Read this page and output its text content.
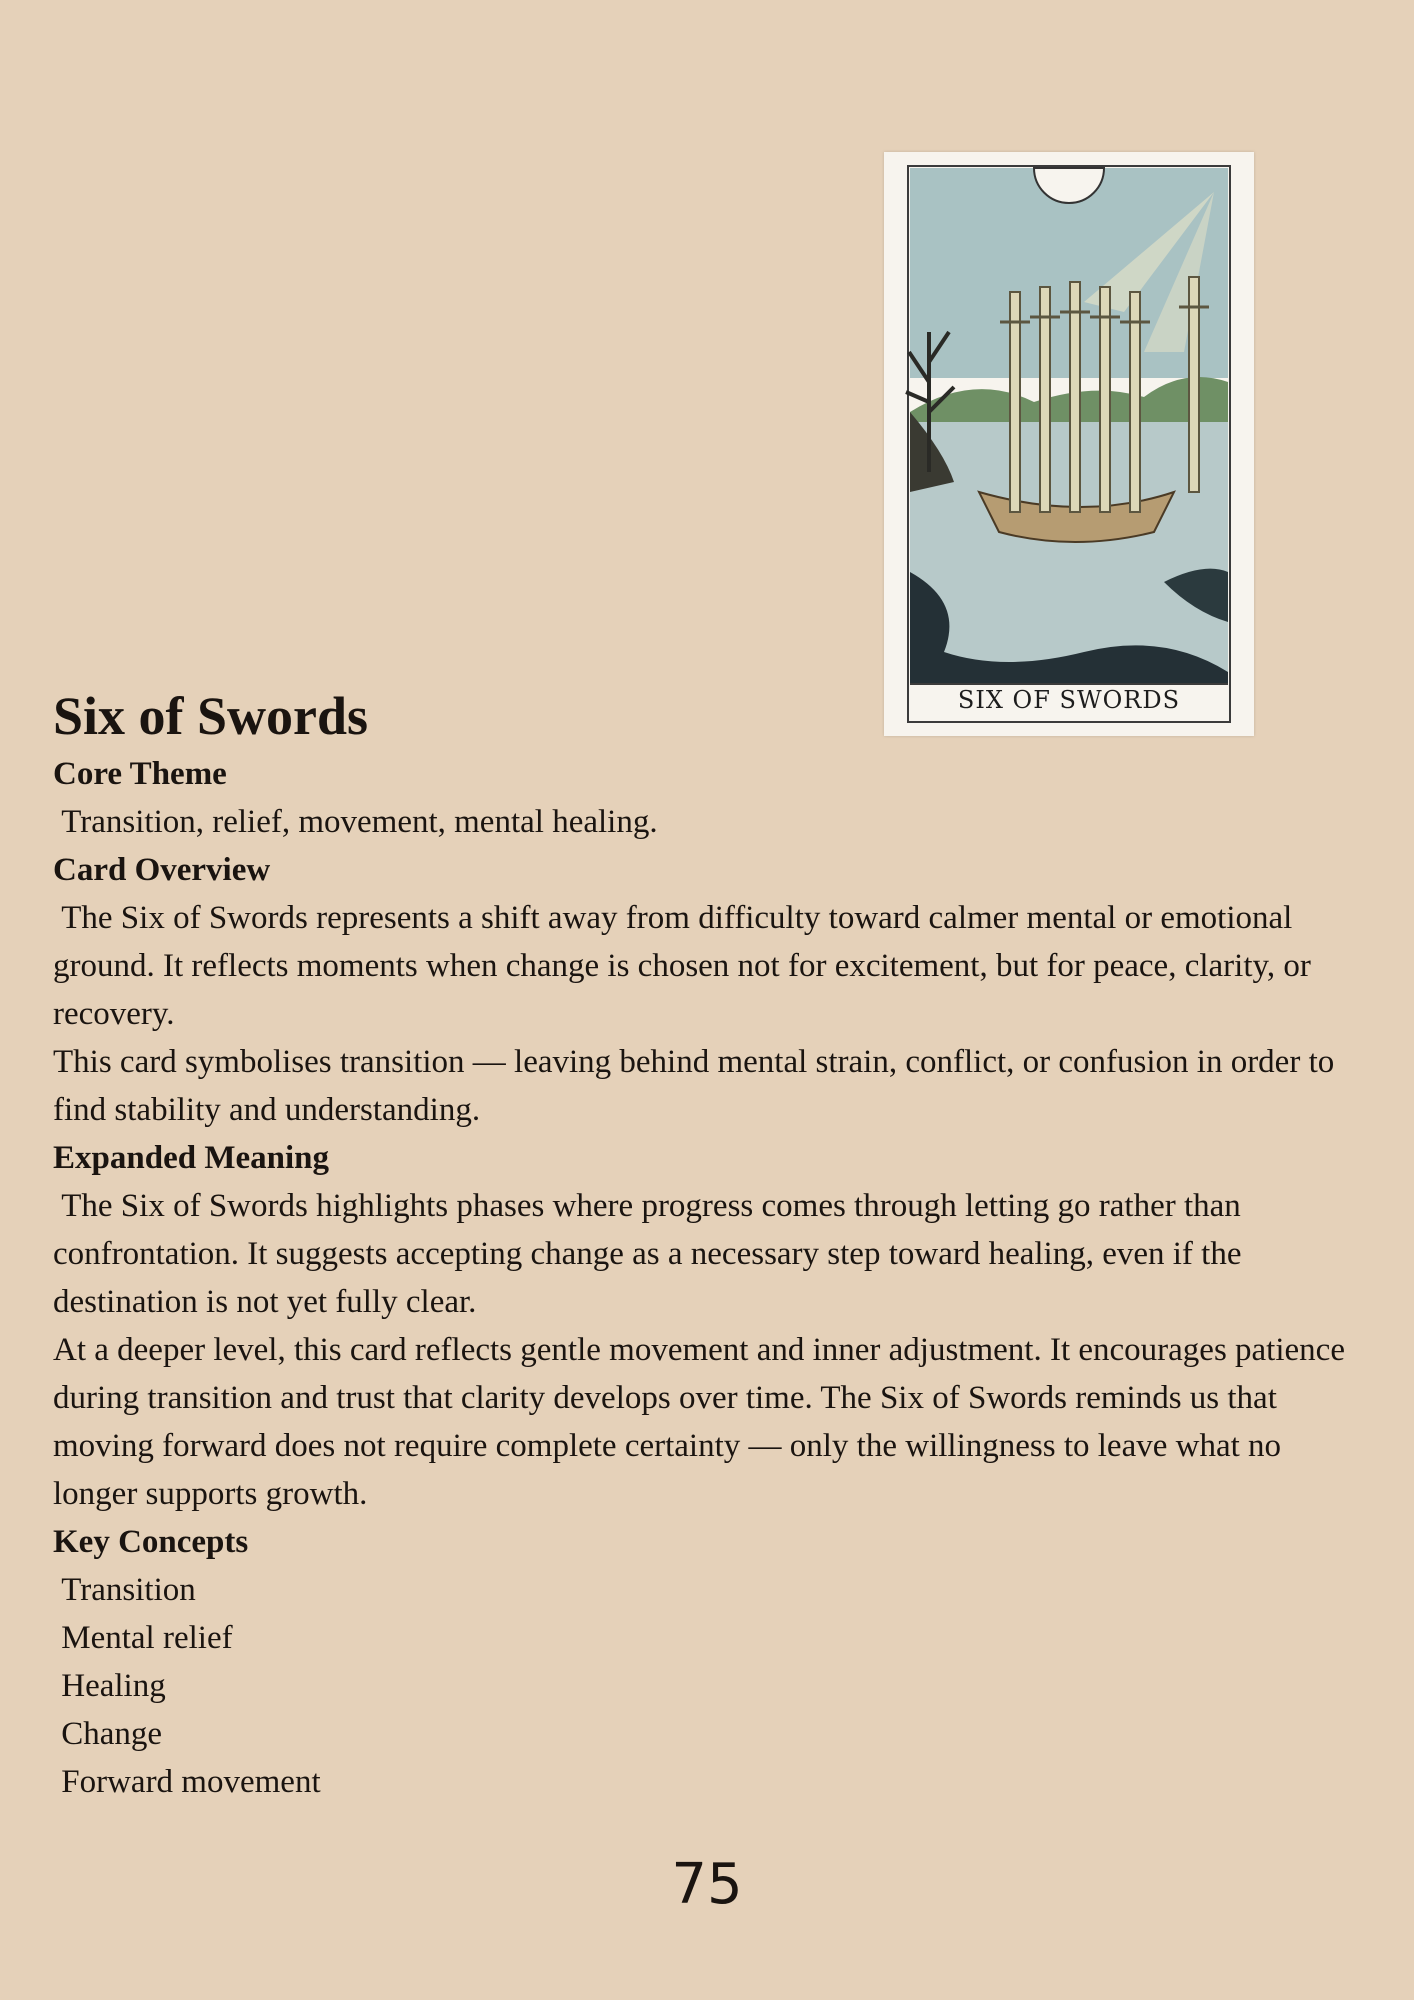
SIX OF SWORDS
Six of Swords
Core Theme
Transition, relief, movement, mental healing.
Card Overview
The Six of Swords represents a shift away from difficulty toward calmer mental or emotional ground. It reflects moments when change is chosen not for excitement, but for peace, clarity, or recovery.
This card symbolises transition — leaving behind mental strain, conflict, or confusion in order to find stability and understanding.
Expanded Meaning
The Six of Swords highlights phases where progress comes through letting go rather than confrontation. It suggests accepting change as a necessary step toward healing, even if the destination is not yet fully clear.
At a deeper level, this card reflects gentle movement and inner adjustment. It encourages patience during transition and trust that clarity develops over time. The Six of Swords reminds us that moving forward does not require complete certainty — only the willingness to leave what no longer supports growth.
Key Concepts
Transition
Mental relief
Healing
Change
Forward movement
75
